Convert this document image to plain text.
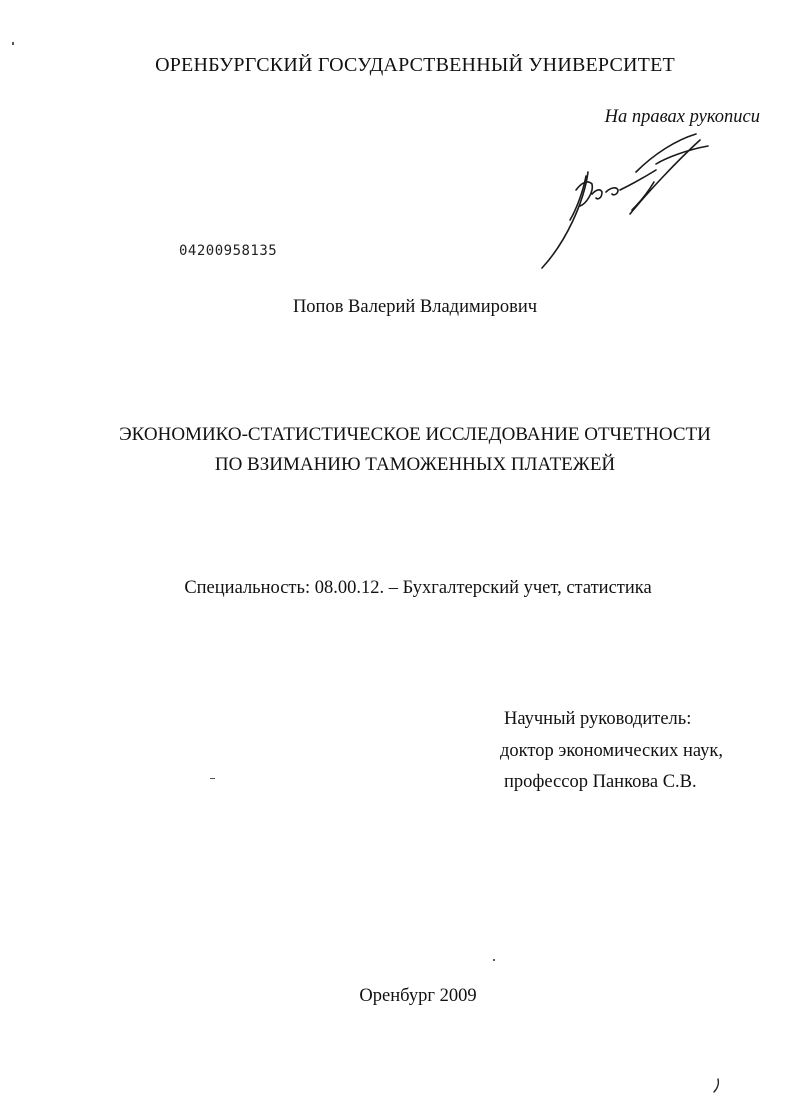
ОРЕНБУРГСКИЙ ГОСУДАРСТВЕННЫЙ УНИВЕРСИТЕТ
На правах рукописи
04200958135
Попов Валерий Владимирович
ЭКОНОМИКО-СТАТИСТИЧЕСКОЕ ИССЛЕДОВАНИЕ ОТЧЕТНОСТИ
ПО ВЗИМАНИЮ ТАМОЖЕННЫХ ПЛАТЕЖЕЙ
Специальность: 08.00.12. – Бухгалтерский учет, статистика
Научный руководитель:
доктор экономических наук,
профессор Панкова С.В.
Оренбург 2009
